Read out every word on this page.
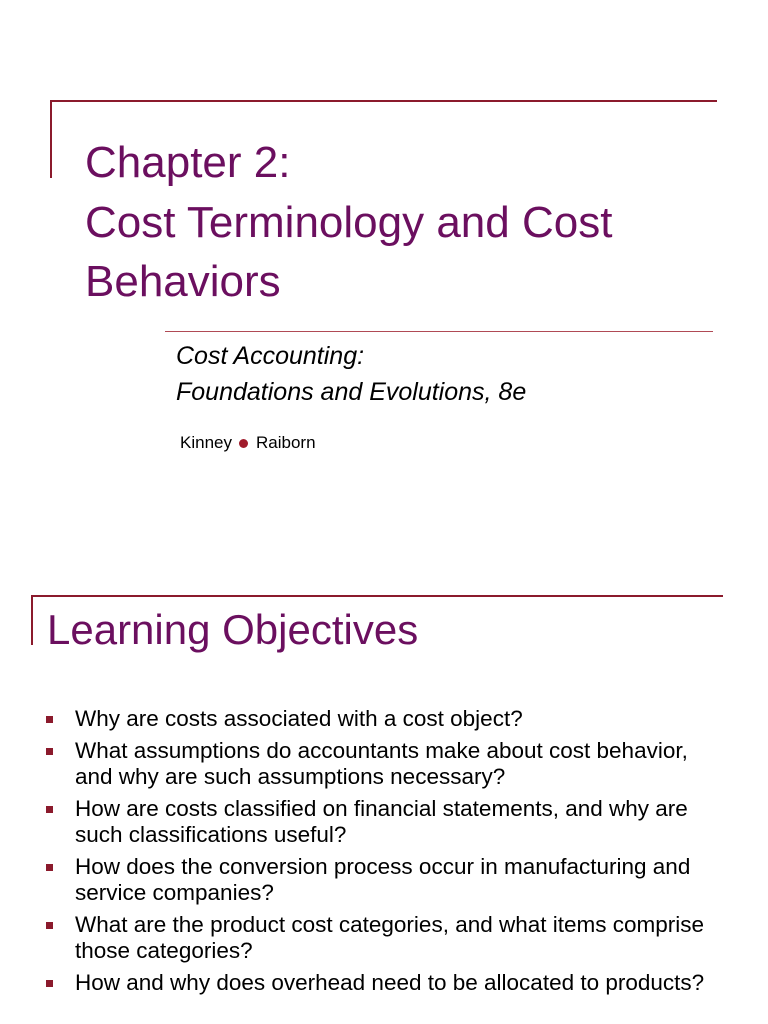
Chapter 2:
Cost Terminology and Cost
Behaviors

Cost Accounting:

Foundations and Evolutions, 8e

Kinney Raiborn
Learning Objectives
Why are costs associated with a cost object?
What assumptions do accountants make about cost behavior, and why are such assumptions necessary?
How are costs classified on financial statements, and why are such classifications useful?
How does the conversion process occur in manufacturing and service companies?
What are the product cost categories, and what items comprise those categories?
How and why does overhead need to be allocated to products?
